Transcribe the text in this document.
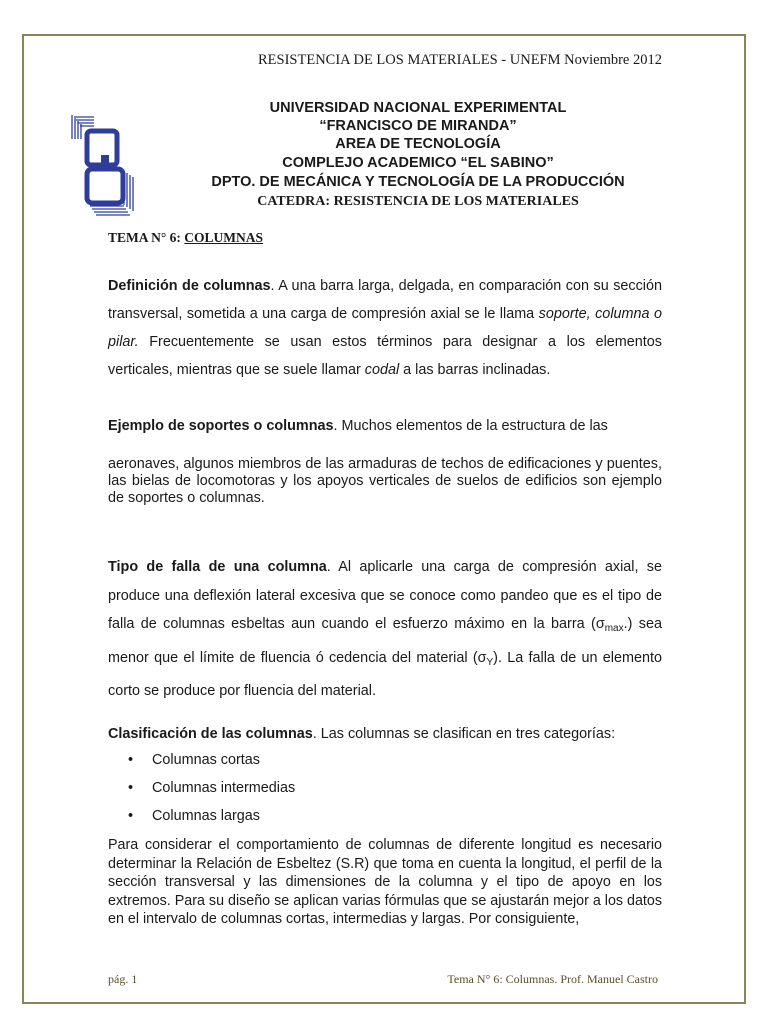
RESISTENCIA DE LOS MATERIALES - UNEFM Noviembre 2012
UNIVERSIDAD NACIONAL EXPERIMENTAL
“FRANCISCO DE MIRANDA”
AREA DE TECNOLOGÍA
COMPLEJO ACADEMICO “EL SABINO”
DPTO. DE MECÁNICA Y TECNOLOGÍA DE LA PRODUCCIÓN
CATEDRA: RESISTENCIA DE LOS MATERIALES
TEMA N° 6: COLUMNAS
Definición de columnas. A una barra larga, delgada, en comparación con su sección transversal, sometida a una carga de compresión axial se le llama soporte, columna o pilar. Frecuentemente se usan estos términos para designar a los elementos verticales, mientras que se suele llamar codal a las barras inclinadas.
Ejemplo de soportes o columnas. Muchos elementos de la estructura de las
aeronaves, algunos miembros de las armaduras de techos de edificaciones y puentes, las bielas de locomotoras y los apoyos verticales de suelos de edificios son ejemplo de soportes o columnas.
Tipo de falla de una columna. Al aplicarle una carga de compresión axial, se produce una deflexión lateral excesiva que se conoce como pandeo que es el tipo de falla de columnas esbeltas aun cuando el esfuerzo máximo en la barra $(\sigma_{max}.)$ sea menor que el límite de fluencia ó cedencia del material $(\sigma_Y)$. La falla de un elemento corto se produce por fluencia del material.
Clasificación de las columnas. Las columnas se clasifican en tres categorías:
• Columnas cortas
• Columnas intermedias
• Columnas largas
Para considerar el comportamiento de columnas de diferente longitud es necesario determinar la Relación de Esbeltez (S.R) que toma en cuenta la longitud, el perfil de la sección transversal y las dimensiones de la columna y el tipo de apoyo en los extremos. Para su diseño se aplican varias fórmulas que se ajustarán mejor a los datos en el intervalo de columnas cortas, intermedias y largas. Por consiguiente,
pág. 1	Tema N° 6: Columnas. Prof. Manuel Castro
